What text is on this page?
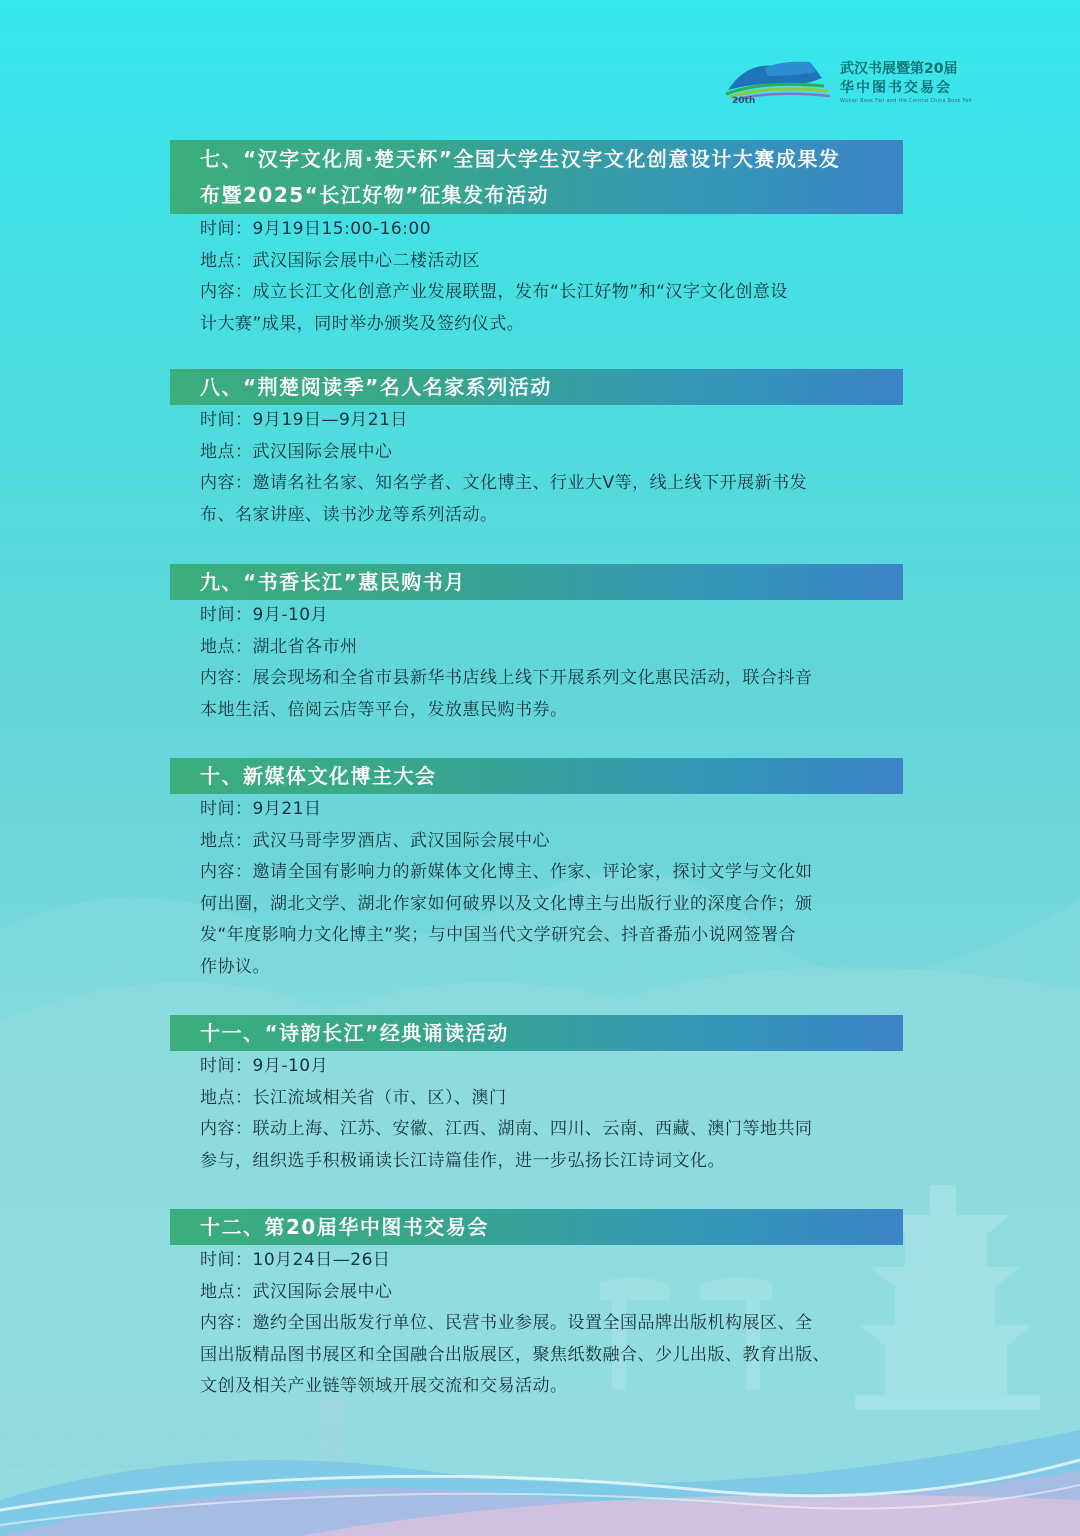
20th
武汉书展暨第20届
华中图书交易会
Wuhan Book Fair and the Central China Book Fair
七、“汉字文化周·楚天杯”全国大学生汉字文化创意设计大赛成果发
布暨2025“长江好物”征集发布活动

时间：9月19日15:00-16:00

地点：武汉国际会展中心二楼活动区

内容：成立长江文化创意产业发展联盟，发布“长江好物”和“汉字文化创意设

计大赛”成果，同时举办颁奖及签约仪式。

八、“荆楚阅读季”名人名家系列活动

时间：9月19日—9月21日

地点：武汉国际会展中心

内容：邀请名社名家、知名学者、文化博主、行业大V等，线上线下开展新书发

布、名家讲座、读书沙龙等系列活动。

九、“书香长江”惠民购书月

时间：9月-10月

地点：湖北省各市州

内容：展会现场和全省市县新华书店线上线下开展系列文化惠民活动，联合抖音

本地生活、倍阅云店等平台，发放惠民购书券。

十、新媒体文化博主大会

时间：9月21日

地点：武汉马哥孛罗酒店、武汉国际会展中心

内容：邀请全国有影响力的新媒体文化博主、作家、评论家，探讨文学与文化如

何出圈，湖北文学、湖北作家如何破界以及文化博主与出版行业的深度合作；颁

发“年度影响力文化博主”奖；与中国当代文学研究会、抖音番茄小说网签署合

作协议。

十一、“诗韵长江”经典诵读活动

时间：9月-10月

地点：长江流域相关省（市、区）、澳门

内容：联动上海、江苏、安徽、江西、湖南、四川、云南、西藏、澳门等地共同

参与，组织选手积极诵读长江诗篇佳作，进一步弘扬长江诗词文化。

十二、第20届华中图书交易会

时间：10月24日—26日

地点：武汉国际会展中心

内容：邀约全国出版发行单位、民营书业参展。设置全国品牌出版机构展区、全

国出版精品图书展区和全国融合出版展区，聚焦纸数融合、少儿出版、教育出版、

文创及相关产业链等领域开展交流和交易活动。
